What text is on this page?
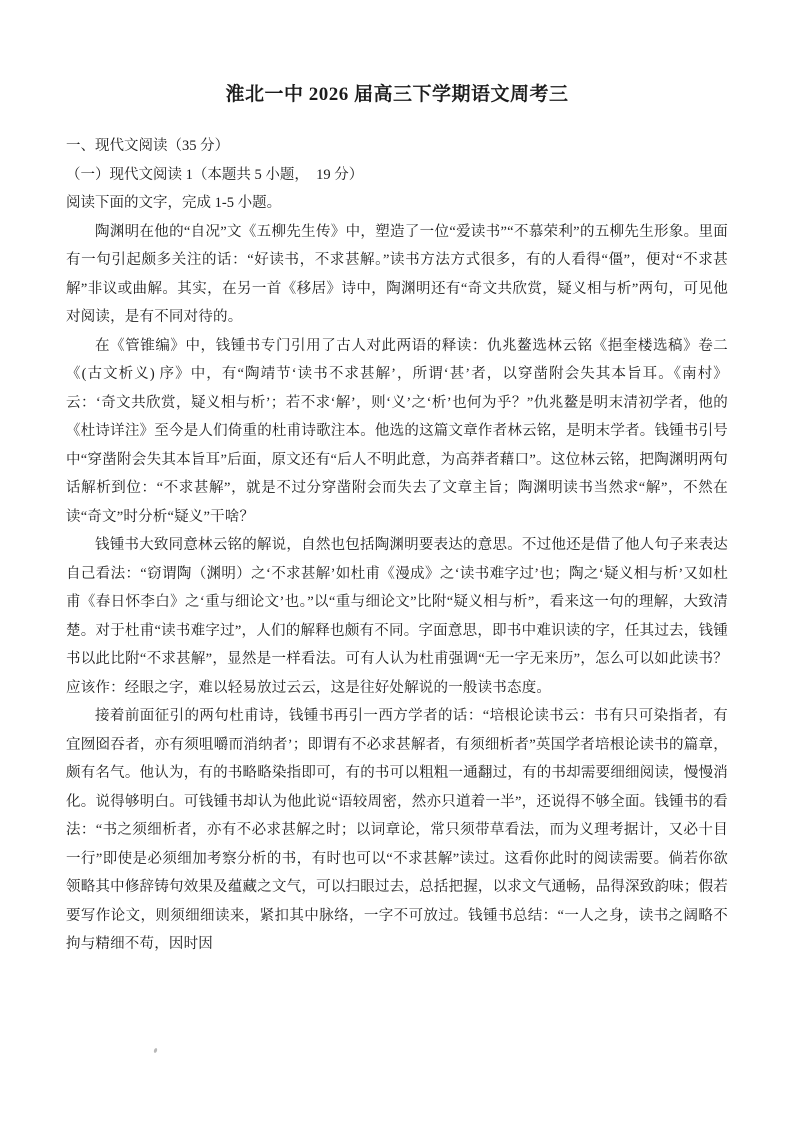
淮北一中 2026 届高三下学期语文周考三
一、现代文阅读（35 分）
（一）现代文阅读 1（本题共 5 小题，  19 分）
阅读下面的文字，完成 1-5 小题。

陶渊明在他的“自况”文《五柳先生传》中，塑造了一位“爱读书”“不慕荣利”的五柳先生形象。里面有一句引起颇多关注的话：“好读书，不求甚解。”读书方法方式很多，有的人看得“僵”，便对“不求甚解”非议或曲解。其实，在另一首《移居》诗中，陶渊明还有“奇文共欣赏，疑义相与析”两句，可见他对阅读，是有不同对待的。

在《管锥编》中，钱锺书专门引用了古人对此两语的释读：仇兆鳌选林云铭《挹奎楼选稿》卷二《(古文析义) 序》中，有“陶靖节‘读书不求甚解’，所谓‘甚’者，以穿凿附会失其本旨耳。《南村》云：‘奇文共欣赏，疑义相与析’；若不求‘解’，则‘义’之‘析’也何为乎？”仇兆鳌是明末清初学者，他的《杜诗详注》至今是人们倚重的杜甫诗歌注本。他选的这篇文章作者林云铭，是明末学者。钱锺书引号中“穿凿附会失其本旨耳”后面，原文还有“后人不明此意，为高莽者藉口”。这位林云铭，把陶渊明两句话解析到位：“不求甚解”，就是不过分穿凿附会而失去了文章主旨；陶渊明读书当然求“解”，不然在读“奇文”时分析“疑义”干啥？

钱锺书大致同意林云铭的解说，自然也包括陶渊明要表达的意思。不过他还是借了他人句子来表达自己看法：“窃谓陶（渊明）之‘不求甚解’如杜甫《漫成》之‘读书难字过’也；陶之‘疑义相与析’又如杜甫《春日怀李白》之‘重与细论文’也。”以“重与细论文”比附“疑义相与析”，看来这一句的理解，大致清楚。对于杜甫“读书难字过”，人们的解释也颇有不同。字面意思，即书中难识读的字，任其过去，钱锺书以此比附“不求甚解”，显然是一样看法。可有人认为杜甫强调“无一字无来历”，怎么可以如此读书？应该作：经眼之字，难以轻易放过云云，这是往好处解说的一般读书态度。

接着前面征引的两句杜甫诗，钱锺书再引一西方学者的话：“培根论读书云：书有只可染指者，有宜囫囵吞者，亦有须咀嚼而消纳者’；即谓有不必求甚解者，有须细析者”英国学者培根论读书的篇章，颇有名气。他认为，有的书略略染指即可，有的书可以粗粗一通翻过，有的书却需要细细阅读，慢慢消化。说得够明白。可钱锺书却认为他此说“语较周密，然亦只道着一半”，还说得不够全面。钱锺书的看法：“书之须细析者，亦有不必求甚解之时；以词章论，常只须带草看法，而为义理考据计，又必十目一行”即使是必须细加考察分析的书，有时也可以“不求甚解”读过。这看你此时的阅读需要。倘若你欲领略其中修辞铸句效果及蕴藏之文气，可以扫眼过去，总括把握，以求文气通畅，品得深致韵味；假若要写作论文，则须细细读来，紧扣其中脉络，一字不可放过。钱锺书总结：“一人之身，读书之阔略不拘与精细不苟，因时因
